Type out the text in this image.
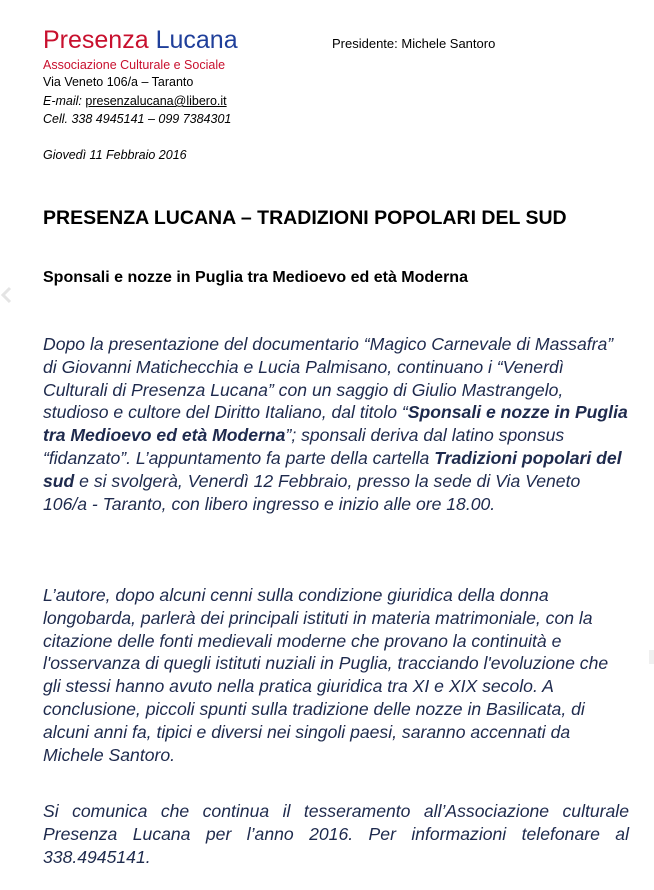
Presenza Lucana
Associazione Culturale e Sociale
Via Veneto 106/a – Taranto
E-mail: presenzalucana@libero.it
Cell. 338 4945141 – 099 7384301
Presidente: Michele Santoro
Giovedì 11 Febbraio 2016
PRESENZA LUCANA – TRADIZIONI POPOLARI DEL SUD
Sponsali e nozze in Puglia tra Medioevo ed età Moderna

Dopo la presentazione del documentario “Magico Carnevale di Massafra” di Giovanni Matichecchia e Lucia Palmisano, continuano i “Venerdì Culturali di Presenza Lucana” con un saggio di Giulio Mastrangelo, studioso e cultore del Diritto Italiano, dal titolo “Sponsali e nozze in Puglia tra Medioevo ed età Moderna”; sponsali deriva dal latino sponsus “fidanzato”. L’appuntamento fa parte della cartella Tradizioni popolari del sud e si svolgerà, Venerdì 12 Febbraio, presso la sede di Via Veneto 106/a - Taranto, con libero ingresso e inizio alle ore 18.00.

L’autore, dopo alcuni cenni sulla condizione giuridica della donna longobarda, parlerà dei principali istituti in materia matrimoniale, con la citazione delle fonti medievali moderne che provano la continuità e l'osservanza di quegli istituti nuziali in Puglia, tracciando l'evoluzione che gli stessi hanno avuto nella pratica giuridica tra XI e XIX secolo. A conclusione, piccoli spunti sulla tradizione delle nozze in Basilicata, di alcuni anni fa, tipici e diversi nei singoli paesi, saranno accennati da Michele Santoro.

Si comunica che continua il tesseramento all’Associazione culturale Presenza Lucana per l’anno 2016. Per informazioni telefonare al 338.4945141.
